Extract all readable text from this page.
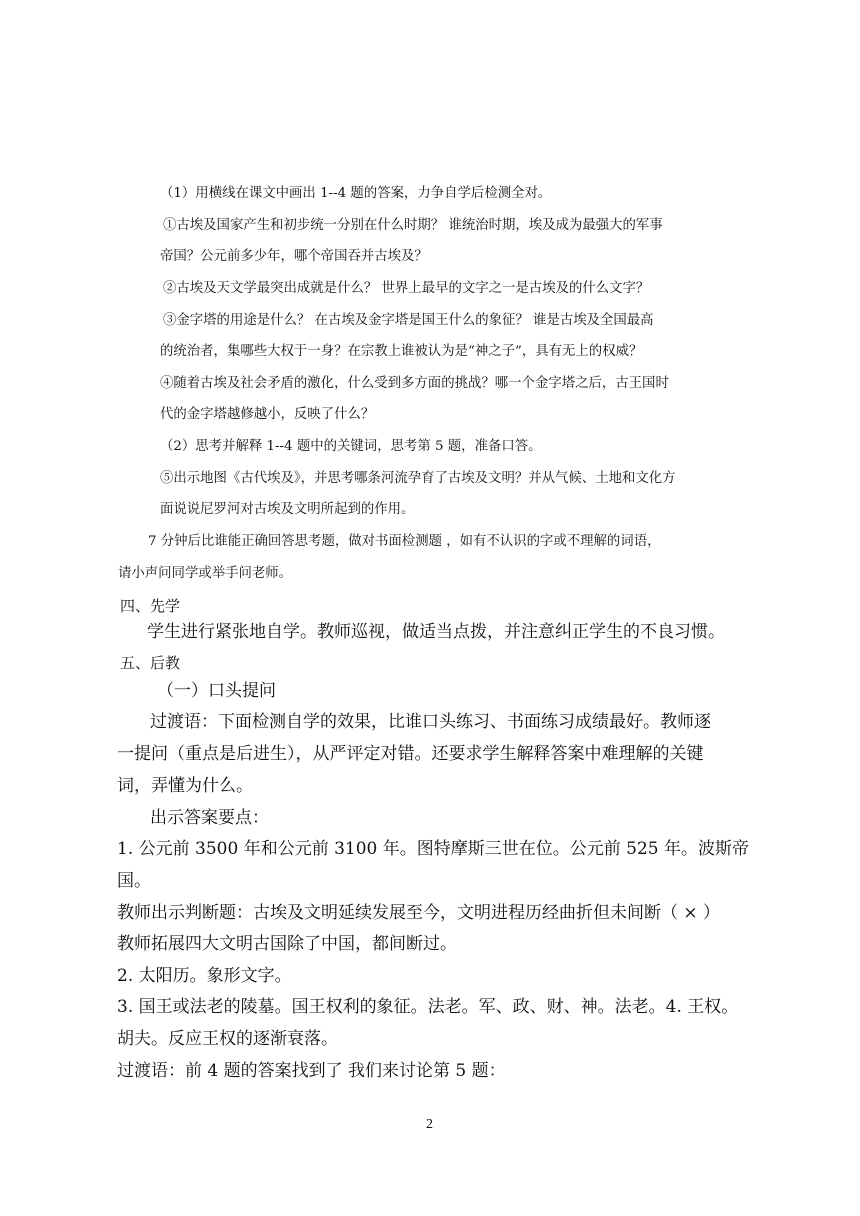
（1）用横线在课文中画出 1--4 题的答案，力争自学后检测全对。
①古埃及国家产生和初步统一分别在什么时期？ 谁统治时期，埃及成为最强大的军事
帝国？公元前多少年，哪个帝国吞并古埃及？
②古埃及天文学最突出成就是什么？ 世界上最早的文字之一是古埃及的什么文字？
③金字塔的用途是什么？ 在古埃及金字塔是国王什么的象征？ 谁是古埃及全国最高
的统治者，集哪些大权于一身？在宗教上谁被认为是“神之子”，具有无上的权威？
④随着古埃及社会矛盾的激化，什么受到多方面的挑战？哪一个金字塔之后，古王国时
代的金字塔越修越小，反映了什么？
（2）思考并解释 1--4 题中的关键词，思考第 5 题，准备口答。
⑤出示地图《古代埃及》，并思考哪条河流孕育了古埃及文明？并从气候、土地和文化方
面说说尼罗河对古埃及文明所起到的作用。
7 分钟后比谁能正确回答思考题，做对书面检测题 ，如有不认识的字或不理解的词语，
请小声问同学或举手问老师。
四、先学
学生进行紧张地自学。教师巡视，做适当点拨，并注意纠正学生的不良习惯。
五、后教
（一）口头提问
过渡语：下面检测自学的效果，比谁口头练习、书面练习成绩最好。教师逐
一提问（重点是后进生），从严评定对错。还要求学生解释答案中难理解的关键
词，弄懂为什么。
出示答案要点：
1. 公元前 3500 年和公元前 3100 年。图特摩斯三世在位。公元前 525 年。波斯帝
国。
教师出示判断题：古埃及文明延续发展至今，文明进程历经曲折但未间断（ × ）
教师拓展四大文明古国除了中国，都间断过。
2. 太阳历。象形文字。
3. 国王或法老的陵墓。国王权利的象征。法老。军、政、财、神。法老。4. 王权。
胡夫。反应王权的逐渐衰落。
过渡语：前 4 题的答案找到了 我们来讨论第 5 题：
2
